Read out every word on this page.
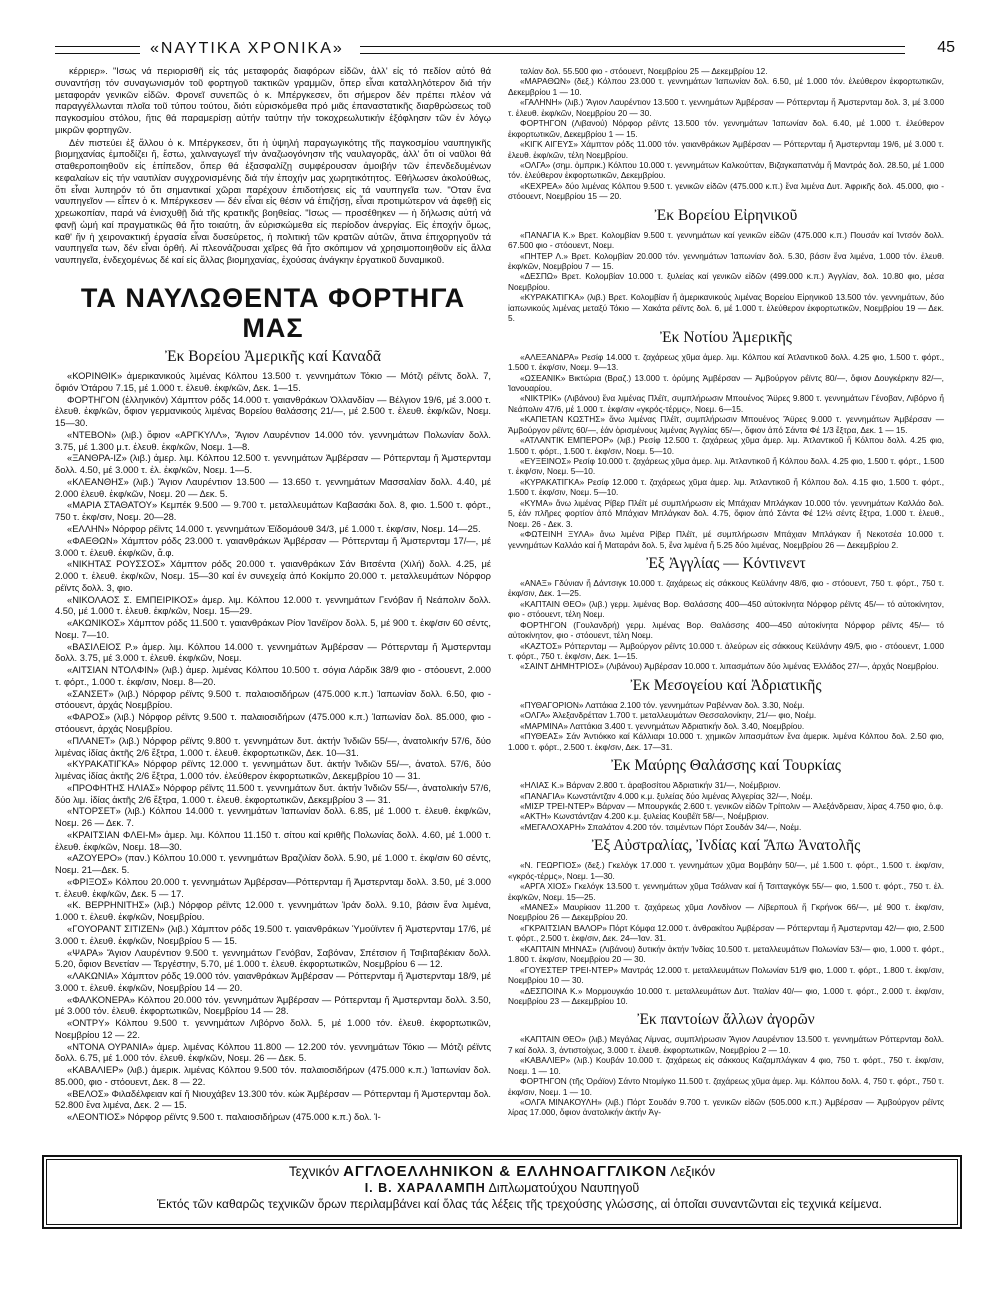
«ΝΑΥΤΙΚΑ ΧΡΟΝΙΚΑ»	45

κέρριερ». "Ισως νά περιορισθῆ εἰς τάς μεταφοράς διαφόρων εἰδῶν, ἀλλ' εἰς τό πεδίον αὐτό θά συναντήσῃ τόν συναγωνισμόν τοῦ φορτηγοῦ τακτικῶν γραμμῶν, ὅπερ εἶναι καταλληλότερον διά τήν μεταφοράν γενικῶν εἰδῶν. Φρονεῖ συνεπῶς ὁ κ. Μπέργκεσεν, ὅτι σήμερον δέν πρέπει πλέον νά παραγγέλλωνται πλοῖα τοῦ τύπου τούτου, διότι εὑρισκόμεθα πρό μιᾶς ἐπαναστατικῆς διαρθρώσεως τοῦ παγκοσμίου στόλου, ἥτις θά παραμερίσῃ αὐτήν ταύτην τήν τοκοχρεωλυτικήν ἐξόφλησιν τῶν ἐν λόγῳ μικρῶν φορτηγῶν.

Δέν πιστεύει ἐξ ἄλλου ὁ κ. Μπέργκεσεν, ὅτι ἡ ὑψηλή παραγωγικότης τῆς παγκοσμίου ναυπηγικῆς βιομηχανίας ἐμποδίζει ἤ, ἔστω, χαλιναγωγεῖ τήν ἀναζωογόνησιν τῆς ναυλαγορᾶς, ἀλλ' ὅτι οἱ ναῦλοι θά σταθεροποιηθοῦν εἰς ἐπίπεδον, ὅπερ θά ἐξασφαλίζῃ συμφέρουσαν ἀμοιβήν τῶν ἐπενδεδυμένων κεφαλαίων εἰς τήν ναυτιλίαν συγχρονισμένης διά τήν ἐποχήν μας χωρητικότητος. Ἐθήλωσεν ἀκολούθως, ὅτι εἶναι λυπηρόν τό ὅτι σημαντικαί χῶραι παρέχουν ἐπιδοτήσεις εἰς τά ναυπηγεῖα των. "Οταν ἕνα ναυπηγεῖον — εἶπεν ὁ κ. Μπέργκεσεν — δέν εἶναι εἰς θέσιν νά ἐπιζήσῃ, εἶναι προτιμώτερον νά ἀφεθῇ εἰς χρεωκοπίαν, παρά νά ἐνισχυθῇ διά τῆς κρατικῆς βοηθείας. "Ισως — προσέθηκεν — ἡ δήλωσις αὐτή νά φανῇ ὠμή καί πραγματικῶς θά ἦτο τοιαύτη, ἄν εὑρισκώμεθα εἰς περίοδον ἀνεργίας. Εἰς ἐποχήν ὅμως, καθ' ἥν ἡ χειρονακτική ἐργασία εἶναι δυσεύρετος, ἡ πολιτική τῶν κρατῶν αὐτῶν, ἅτινα ἐπιχορηγοῦν τά ναυπηγεῖα των, δέν εἶναι ὀρθή. Αἱ πλεονάζουσαι χεῖρες θά ἦτο σκόπιμον νά χρησιμοποιηθοῦν εἰς ἄλλα ναυπηγεῖα, ἐνδεχομένως δέ καί εἰς ἄλλας βιομηχανίας, ἐχούσας ἀνάγκην ἐργατικοῦ δυναμικοῦ.

ΤΑ ΝΑΥΛΩΘΕΝΤΑ ΦΟΡΤΗΓΑ ΜΑΣ
Ἐκ Βορείου Ἀμερικῆς καί Καναδᾶ

«ΚΟΡΙΝΘΙΚ» ἀμερικανικούς λιμένας Κόλπου 13.500 τ. γεννημάτων Τόκιο — Μότζι ρέϊντς δολλ. 7, ὄφιόν Ὀτάρου 7.15, μέ 1.000 τ. ἐλευθ. ἐκφ/κῶν, Δεκ. 1—15.

ΦΟΡΤΗΓΟΝ (ἑλληνικόν) Χάμπτον ρόδς 14.000 τ. γαιανθράκων Ὀλλανδίαν — Βέλγιον 19/6, μέ 3.000 τ. ἐλευθ. ἐκφ/κῶν, ὄφιον γερμανικούς λιμένας Βορείου θαλάσσης 21/—, μέ 2.500 τ. ἐλευθ. ἐκφ/κῶν, Νοεμ. 15—30.

«ΝΤΕΒΟΝ» (λιβ.) ὄφιον «ΑΡΓΚΥΛΛ», Ἄγιον Λαυρέντιον 14.000 τόν. γεννημάτων Πολωνίαν δολλ. 3.75, μέ 1.300 μ.τ. ἐλευθ. ἐκφ/κῶν, Νοεμ. 1—8.

«ΞΑΝΘΡΑ-ΙΖ» (λιβ.) ἀμερ. λιμ. Κόλπου 12.500 τ. γεννημάτων Ἀμβέρσαν — Ρόττερνταμ ἤ Ἀμστερνταμ δολλ. 4.50, μέ 3.000 τ. ἐλ. ἐκφ/κῶν, Νοεμ. 1—5.

«ΚΛΕΑΝΘΗΣ» (λιβ.) Ἄγιον Λαυρέντιον 13.500 — 13.650 τ. γεννημάτων Μασσαλίαν δολλ. 4.40, μέ 2.000 ἐλευθ. ἐκφ/κῶν, Νοεμ. 20 — Δεκ. 5.

«ΜΑΡΙΑ ΣΤΑΘΑΤΟΥ» Κεμπέκ 9.500 — 9.700 τ. μεταλλευμάτων Καβασάκι δολ. 8, φιο. 1.500 τ. φόρτ., 750 τ. ἐκφ/σιν, Νοεμ. 20—28.

«ΕΛΛΗΝ» Νόρφορ ρέϊντς 14.000 τ. γεννημάτων Ἐϊδομάουθ 34/3, μέ 1.000 τ. ἐκφ/σιν, Νοεμ. 14—25.

«ΦΑΕΘΩΝ» Χάμπτον ρόδς 23.000 τ. γαιανθράκων Ἀμβέρσαν — Ρόττερνταμ ἤ Ἀμστερνταμ 17/—, μέ 3.000 τ. ἐλευθ. ἐκφ/κῶν, ἄ.φ.

«ΝΙΚΗΤΑΣ ΡΟΥΣΣΟΣ» Χάμπτον ρόδς 20.000 τ. γαιανθράκων Σάν Βιτσέντα (Χιλή) δολλ. 4.25, μέ 2.000 τ. ἐλευθ. ἐκφ/κῶν, Νοεμ. 15—30 καί ἐν συνεχείᾳ ἀπό Κοκίμπο 20.000 τ. μεταλλευμάτων Νόρφορ ρέϊντς δολλ. 3, φιο.

«ΝΙΚΟΛΑΟΣ Σ. ΕΜΠΕΙΡΙΚΟΣ» ἀμερ. λιμ. Κόλπου 12.000 τ. γεννημάτων Γενόβαν ἤ Νεάπολιν δολλ. 4.50, μέ 1.000 τ. ἐλευθ. ἐκφ/κῶν, Νοεμ. 15—29.

«ΑΚΩΝΙΚΟΣ» Χάμπτον ρόδς 11.500 τ. γαιανθράκων Ρίον Ἰανέϊρον δολλ. 5, μέ 900 τ. ἐκφ/σιν 60 σέντς, Νοεμ. 7—10.

«ΒΑΣΙΛΕΙΟΣ Ρ.» ἀμερ. λιμ. Κόλπου 14.000 τ. γεννημάτων Ἀμβέρσαν — Ρόττερνταμ ἤ Ἀμστερνταμ δολλ. 3.75, μέ 3.000 τ. ἐλευθ. ἐκφ/κῶν, Νοεμ.

«ΑΙΤΣΙΑΝ ΝΤΟΛΦΙΝ» (λιβ.) ἀμερ. λιμένας Κόλπου 10.500 τ. σόγια Λάρδικ 38/9 φιο - στόουεντ, 2.000 τ. φόρτ., 1.000 τ. ἐκφ/σιν, Νοεμ. 8—20.

«ΣΑΝΣΕΤ» (λιβ.) Νόρφορ ρέϊντς 9.500 τ. παλαιοσιδήρων (475.000 κ.π.) Ἰαπωνίαν δολλ. 6.50, φιο - στόουεντ, ἀρχάς Νοεμβρίου.

«ΦΑΡΟΣ» (λιβ.) Νόρφορ ρέϊντς 9.500 τ. παλαιοσιδήρων (475.000 κ.π.) Ἰαπωνίαν δολ. 85.000, φιο - στόουεντ, ἀρχάς Νοεμβρίου.

«ΠΛΑΝΕΤ» (λιβ.) Νόρφορ ρέϊντς 9.800 τ. γεννημάτων δυτ. ἀκτήν Ἰνδιῶν 55/—, ἀνατολικήν 57/6, δύο λιμένας ἰδίας ἀκτῆς 2/6 ἔξτρα, 1.000 τ. ἐλευθ. ἐκφορτωτικῶν, Δεκ. 10—31.

«ΚΥΡΑΚΑΤΙΓΚΑ» Νόρφορ ρέϊντς 12.000 τ. γεννημάτων δυτ. ἀκτήν Ἰνδιῶν 55/—, ἀνατολ. 57/6, δύο λιμένας ἰδίας ἀκτῆς 2/6 ἔξτρα, 1.000 τόν. ἐλεύθερον ἐκφορτωτικῶν, Δεκεμβρίου 10 — 31.

«ΠΡΟΦΗΤΗΣ ΗΛΙΑΣ» Νόρφορ ρέϊντς 11.500 τ. γεννημάτων δυτ. ἀκτήν Ἰνδιῶν 55/—, ἀνατολικήν 57/6, δύο λιμ. ἰδίας ἀκτῆς 2/6 ἔξτρα, 1.000 τ. ἐλευθ. ἐκφορτωτικῶν, Δεκεμβρίου 3 — 31.

«ΝΤΟΡΣΕΤ» (λιβ.) Κόλπου 14.000 τ. γεννημάτων Ἰαπωνίαν δολλ. 6.85, μέ 1.000 τ. ἐλευθ. ἐκφ/κῶν, Νοεμ. 26 — Δεκ. 7.

«ΚΡΑΙΤΣΙΑΝ ΦΛΕΙ-Μ» ἀμερ. λιμ. Κόλπου 11.150 τ. σίτου καί κριθῆς Πολωνίας δολλ. 4.60, μέ 1.000 τ. ἐλευθ. ἐκφ/κῶν, Νοεμ. 18—30.

«ΑΖΟΥΕΡΟ» (παν.) Κόλπου 10.000 τ. γεννημάτων Βραζιλίαν δολλ. 5.90, μέ 1.000 τ. ἐκφ/σιν 60 σέντς, Νοεμ. 21—Δεκ. 5.

«ΦΡΙΞΟΣ» Κόλπου 20.000 τ. γεννημάτων Ἀμβέρσαν—Ρόττερνταμ ἤ Ἀμστερνταμ δολλ. 3.50, μέ 3.000 τ. ἐλευθ. ἐκφ/κῶν, Δεκ. 5 — 17.

«Κ. ΒΕΡΡΗΝΙΤΗΣ» (λιβ.) Νόρφορ ρέϊντς 12.000 τ. γεννημάτων Ἰράν δολλ. 9.10, βάσιν ἕνα λιμένα, 1.000 τ. ἐλευθ. ἐκφ/κῶν, Νοεμβρίου.

«ΓΟΥΟΡΑΝΤ ΣΙΤΙΖΕΝ» (λιβ.) Χάμπτον ρόδς 19.500 τ. γαιανθράκων Ὑμούϊντεν ἤ Ἀμστερνταμ 17/6, μέ 3.000 τ. ἐλευθ. ἐκφ/κῶν, Νοεμβρίου 5 — 15.

«ΨΑΡΑ» Ἄγιον Λαυρέντιον 9.500 τ. γεννημάτων Γενόβαν, Σαβόναν, Σπέτσιον ἤ Τσιβιταβέκιαν δολλ. 5.20, ὄφιον Βενετίαν — Τεργέστην, 5.70, μέ 1.000 τ. ἐλευθ. ἐκφορτωτικῶν, Νοεμβρίου 6 — 12.

«ΛΑΚΩΝΙΑ» Χάμπτον ρόδς 19.000 τόν. γαιανθράκων Ἀμβέρσαν — Ρόττερνταμ ἤ Ἀμστερνταμ 18/9, μέ 3.000 τ. ἐλευθ. ἐκφ/κῶν, Νοεμβρίου 14 — 20.

«ΦΑΛΚΟΝΕΡΑ» Κόλπου 20.000 τόν. γεννημάτων Ἀμβέρσαν — Ρόττερνταμ ἤ Ἀμστερνταμ δολλ. 3.50, μέ 3.000 τόν. ἐλευθ. ἐκφορτωτικῶν, Νοεμβρίου 14 — 28.

«ΟΝΤΡΥ» Κόλπου 9.500 τ. γεννημάτων Λιβόρνο δολλ. 5, μέ 1.000 τόν. ἐλευθ. ἐκφορτωτικῶν, Νοεμβρίου 12 — 22.

«ΝΤΟΝΑ ΟΥΡΑΝΙΑ» ἀμερ. λιμένας Κόλπου 11.800 — 12.200 τόν. γεννημάτων Τόκιο — Μότζι ρέϊντς δολλ. 6.75, μέ 1.000 τόν. ἐλευθ. ἐκφ/κῶν, Νοεμ. 26 — Δεκ. 5.

«ΚΑΒΑΛΙΕΡ» (λιβ.) ἀμερικ. λιμένας Κόλπου 9.500 τόν. παλαιοσιδήρων (475.000 κ.π.) Ἰαπωνίαν δολ. 85.000, φιο - στόουεντ, Δεκ. 8 — 22.

«ΒΕΛΟΣ» Φιλαδέλφειαν καί ἤ Νιουχάβεν 13.300 τόν. κώκ Ἀμβέρσαν — Ρόττερνταμ ἤ Ἀμστερνταμ δολ. 52.800 ἕνα λιμένα, Δεκ. 2 — 15.

«ΛΕΟΝΤΙΟΣ» Νόρφορ ρέϊντς 9.500 τ. παλαιοσιδήρων (475.000 κ.π.) δολ. Ἰ-

ταλίαν δολ. 55.500 φιο - στόουεντ, Νοεμβρίου 25 — Δεκεμβρίου 12.

«ΜΑΡΑΘΩΝ» (δεξ.) Κόλπου 23.000 τ. γεννημάτων Ἰαπωνίαν δολ. 6.50, μέ 1.000 τόν. ἐλεύθερον ἐκφορτωτικῶν, Δεκεμβρίου 1 — 10.

«ΓΑΛΗΝΗ» (λιβ.) Ἄγιον Λαυρέντιον 13.500 τ. γεννημάτων Ἀμβέρσαν — Ρόττερνταμ ἤ Ἀμστερνταμ δολ. 3, μέ 3.000 τ. ἐλευθ. ἐκφ/κῶν, Νοεμβρίου 20 — 30.

ΦΟΡΤΗΓΟΝ (Λιβανού) Νόρφορ ρέϊντς 13.500 τόν. γεννημάτων Ἰαπωνίαν δολ. 6.40, μέ 1.000 τ. ἐλεύθερον ἐκφορτωτικῶν, Δεκεμβρίου 1 — 15.

«ΚΙΓΚ ΑΙΓΕΥΣ» Χάμπτον ρόδς 11.000 τόν. γαιανθράκων Ἀμβέρσαν — Ρόττερνταμ ἤ Ἀμστερνταμ 19/6, μέ 3.000 τ. ἐλευθ. ἐκφ/κῶν, τέλη Νοεμβρίου.

«ΟΛΓΑ» (σημ. ὀμπρικ.) Κόλπου 10.000 τ. γεννημάτων Καλκούτταν, Βιζαγκαπατνάμ ἤ Μαντράς δολ. 28.50, μέ 1.000 τόν. ἐλεύθερον ἐκφορτωτικῶν, Δεκεμβρίου.

«ΚΕΧΡΕΑ» δύο λιμένας Κόλπου 9.500 τ. γενικῶν εἰδῶν (475.000 κ.π.) ἕνα λιμένα Δυτ. Ἀφρικῆς δολ. 45.000, φιο - στόουεντ, Νοεμβρίου 15 — 20.

Ἐκ Βορείου Εἰρηνικοῦ

«ΠΑΝΑΓΙΑ Κ.» Βρετ. Κολομβίαν 9.500 τ. γεννημάτων καί γενικῶν εἰδῶν (475.000 κ.π.) Πουσάν καί Ἰντσόν δολλ. 67.500 φιο - στόουεντ, Νοεμ.

«ΠΗΤΕΡ Λ.» Βρετ. Κολομβίαν 20.000 τόν. γεννημάτων Ἰαπωνίαν δολ. 5.30, βάσιν ἕνα λιμένα, 1.000 τόν. ἐλευθ. ἐκφ/κῶν, Νοεμβρίου 7 — 15.

«ΔΕΣΠΩ» Βρετ. Κολομβίαν 10.000 τ. ξυλείας καί γενικῶν εἰδῶν (499.000 κ.π.) Ἀγγλίαν, δολ. 10.80 φιο, μέσα Νοεμβρίου.

«ΚΥΡΑΚΑΤΙΓΚΑ» (λιβ.) Βρετ. Κολομβίαν ἤ ἀμερικανικούς λιμένας Βορείου Εἰρηνικοῦ 13.500 τόν. γεννημάτων, δύο ἰαπωνικούς λιμένας μεταξύ Τόκιο — Χακάτα ρέϊντς δολ. 6, μέ 1.000 τ. ἐλεύθερον ἐκφορτωτικῶν, Νοεμβρίου 19 — Δεκ. 5.

Ἐκ Νοτίου Ἀμερικῆς

«ΑΛΕΞΑΝΔΡΑ» Ρεσίφ 14.000 τ. ζαχάρεως χῦμα ἀμερ. λιμ. Κόλπου καί Ἀτλαντικοῦ δολλ. 4.25 φιο, 1.500 τ. φόρτ., 1.500 τ. ἐκφ/σιν, Νοεμ. 9—13.

«ΩΣΕΑΝΙΚ» Βικτώρια (Βραζ.) 13.000 τ. ὁρύμης Ἀμβέρσαν — Ἀμβούργον ρέϊντς 80/—, ὄφιον Δουγκέρκην 82/—, Ἰανουαρίου.

«ΝΙΚΤΡΙΚ» (Λιβάνου) ἕνα λιμένας Πλέϊτ, συμπλήρωσιν Μπουένος Ἄϋρες 9.800 τ. γεννημάτων Γένοβαν, Λιβόρνο ἤ Νεάπολιν 47/6, μέ 1.000 τ. ἐκφ/σιν «γκρός-τέρμς», Νοεμ. 6—15.

«ΚΑΠΕΤΑΝ ΚΩΣΤΗΣ» ἄνω λιμένας Πλέϊτ, συμπλήρωσιν Μπουένος Ἄϋρες 9.000 τ. γεννημάτων Ἀμβέρσαν — Ἀμβούργον ρέϊντς 60/—, ἐάν ὁρισμένους λιμένας Ἀγγλίας 65/—, ὄφιον ἀπό Σάντα Φέ 1/3 ἔξτρα, Δεκ. 1 — 15.

«ΑΤΛΑΝΤΙΚ ΕΜΠΕΡΟΡ» (λιβ.) Ρεσίφ 12.500 τ. ζαχάρεως χῦμα ἀμερ. λιμ. Ἀτλαντικοῦ ἤ Κόλπου δολλ. 4.25 φιο, 1.500 τ. φόρτ., 1.500 τ. ἐκφ/σιν, Νοεμ. 5—10.

«ΕΥΞΕΙΝΟΣ» Ρεσίφ 10.000 τ. ζαχάρεως χῦμα ἀμερ. λιμ. Ἀτλαντικοῦ ἤ Κόλπου δολλ. 4.25 φιο, 1.500 τ. φόρτ., 1.500 τ. ἐκφ/σιν, Νοεμ. 5—10.

«ΚΥΡΑΚΑΤΙΓΚΑ» Ρεσίφ 12.000 τ. ζαχάρεως χῦμα ἀμερ. λιμ. Ἀτλαντικοῦ ἤ Κόλπου δολ. 4.15 φιο, 1.500 τ. φόρτ., 1.500 τ. ἐκφ/σιν, Νοεμ. 5—10.

«ΚΥΜΑ» ἄνω λιμένας Ρίβερ Πλέϊτ μέ συμπλήρωσιν εἰς Μπάχιαν Μπλάγκαν 10.000 τόν. γεννημάτων Καλλάο δολ. 5, ἐάν πλῆρες φορτίον ἀπό Μπάχιαν Μπλάγκαν δολ. 4.75, ὄφιον ἀπό Σάντα Φέ 12½ σέντς ἔξτρα, 1.000 τ. ἐλευθ., Νοεμ. 26 - Δεκ. 3.

«ΦΩΤΕΙΝΗ ΞΥΛΑ» ἄνω λιμένα Ρίβερ Πλέϊτ, μέ συμπλήρωσιν Μπάχιαν Μπλάγκαν ἤ Νεκοτσέα 10.000 τ. γεννημάτων Καλλάο καί ἤ Ματαράνι δολ. 5, ἕνα λιμένα ἤ 5.25 δύο λιμένας, Νοεμβρίου 26 — Δεκεμβρίου 2.

Ἐξ Ἀγγλίας — Κόντινεντ

«ΑΝΑΞ» Γδύνιαν ἤ Δάντσιγκ 10.000 τ. ζαχάρεως εἰς σάκκους Κεϋλάνην 48/6, φιο - στόουεντ, 750 τ. φόρτ., 750 τ. ἐκφ/σιν, Δεκ. 1—25.

«ΚΑΠΤΑΙΝ ΘΕΟ» (λιβ.) γερμ. λιμένας Βορ. Θαλάσσης 400—450 αὐτοκίνητα Νόρφορ ρέϊντς 45/— τό αὐτοκίνητον, φιο - στόουεντ, τέλη Νοεμ.

ΦΟΡΤΗΓΟΝ (Γουλανδρή) γερμ. λιμένας Βορ. Θαλάσσης 400—450 αὐτοκίνητα Νόρφορ ρέϊντς 45/— τό αὐτοκίνητον, φιο - στόουεντ, τέλη Νοεμ.

«ΚΑΖΤΟΣ» Ρόττερνταμ — Ἀμβούργον ρέϊντς 10.000 τ. ἀλεύρων εἰς σάκκους Κεϋλάνην 49/5, φιο - στόουεντ, 1.000 τ. φόρτ., 750 τ. ἐκφ/σιν, Δεκ. 1—15.

«ΣΑΙΝΤ ΔΗΜΗΤΡΙΟΣ» (Λιβάνου) Ἀμβέρσαν 10.000 τ. λιπασμάτων δύο λιμένας Ἑλλάδος 27/—, ἀρχάς Νοεμβρίου.

Ἐκ Μεσογείου καί Ἀδριατικῆς

«ΠΥΘΑΓΟΡΙΟΝ» Λαττάκια 2.100 τόν. γεννημάτων Ραβένναν δολ. 3.30, Νοέμ.

«ΟΛΓΑ» Ἀλεξανδρέτταν 1.700 τ. μεταλλευμάτων Θεσσαλονίκην, 21/— φιο, Νοέμ.

«ΜΑΡΜΙΝΑ» Λαττάκια 3.400 τ. γεννημάτων Ἀδριατικήν δολ. 3.40, Νοεμβρίου.

«ΠΥΘΕΑΣ» Σάν Ἀντιόκκο καί Κάλλιαρι 10.000 τ. χημικῶν λιπασμάτων ἕνα ἀμερικ. λιμένα Κόλπου δολ. 2.50 φιο, 1.000 τ. φόρτ., 2.500 τ. ἐκφ/σιν, Δεκ. 17—31.

Ἐκ Μαύρης Θαλάσσης καί Τουρκίας

«ΗΛΙΑΣ Κ.» Βάρναν 2.800 τ. ἀραβοσίτου Ἀδριατικήν 31/—, Νοέμβριον.

«ΠΑΝΑΓΙΑ» Κωνστάντζαν 4.000 κ.μ. ξυλείας δύο λιμένας Ἀλγερίας 32/—, Νοέμ.

«ΜΙΣΡ ΤΡΕΙ-ΝΤΕΡ» Βάρναν — Μπουργκάς 2.600 τ. γενικῶν εἰδῶν Τρίπολιν — Ἀλεξάνδρειαν, λίρας 4.750 φιο, ὁ.φ.

«ΑΚΤΗ» Κωνστάντζαν 4.200 κ.μ. ξυλείας Κουβέϊτ 58/—, Νοέμβριον.

«ΜΕΓΑΛΟΧΑΡΗ» Σπαλάτον 4.200 τόν. τσιμέντων Πόρτ Σουδάν 34/—, Νοέμ.

Ἐξ Αὐστραλίας, Ἰνδίας καί Ἄπω Ἀνατολῆς

«Ν. ΓΕΩΡΓΙΟΣ» (δεξ.) Γκελόγκ 17.000 τ. γεννημάτων χῦμα Βομβάην 50/—, μέ 1.500 τ. φόρτ., 1.500 τ. ἐκφ/σιν, «γκρός-τέρμς», Νοεμ. 1—30.

«ΑΡΓΑ ΧΙΟΣ» Γκελόγκ 13.500 τ. γεννημάτων χῦμα Τσάλναν καί ἤ Τσιτταγκόγκ 55/— φιο, 1.500 τ. φόρτ., 750 τ. ἐλ. ἐκφ/κῶν, Νοεμ. 15—25.

«ΜΑΝΕΣ» Μαυρίκιον 11.200 τ. ζαχάρεως χῦμα Λονδίνον — Λίβερπουλ ἤ Γκρήνοκ 66/—, μέ 900 τ. ἐκφ/σιν, Νοεμβρίου 26 — Δεκεμβρίου 20.

«ΓΚΡΑΙΤΣΙΑΝ ΒΑΛΟΡ» Πόρτ Κόμφα 12.000 τ. ἀνθρακίτου Ἀμβέρσαν — Ρόττερνταμ ἤ Ἀμστερνταμ 42/— φιο, 2.500 τ. φόρτ., 2.500 τ. ἐκφ/σιν, Δεκ. 24—Ἰαν. 31.

«ΚΑΠΤΑΙΝ ΜΗΝΑΣ» (Λιβάνου) δυτικήν ἀκτήν Ἰνδίας 10.500 τ. μεταλλευμάτων Πολωνίαν 53/— φιο, 1.000 τ. φόρτ., 1.800 τ. ἐκφ/σιν, Νοεμβρίου 20 — 30.

«ΓΟΥΕΣΤΕΡ ΤΡΕΙ-ΝΤΕΡ» Μαντράς 12.000 τ. μεταλλευμάτων Πολωνίαν 51/9 φιο, 1.000 τ. φόρτ., 1.800 τ. ἐκφ/σιν, Νοεμβρίου 10 — 30.

«ΔΕΣΠΟΙΝΑ Κ.» Μορμουγκάο 10.000 τ. μεταλλευμάτων Δυτ. Ἰταλίαν 40/— φιο, 1.000 τ. φόρτ., 2.000 τ. ἐκφ/σιν, Νοεμβρίου 23 — Δεκεμβρίου 10.

Ἐκ παντοίων ἄλλων ἀγορῶν

«ΚΑΠΤΑΙΝ ΘΕΟ» (λιβ.) Μεγάλας Λίμνας, συμπλήρωσιν Ἄγιον Λαυρέντιον 13.500 τ. γεννημάτων Ρόττερνταμ δολλ. 7 καί δολλ. 3, ἀντιστοίχως, 3.000 τ. ἐλευθ. ἐκφορτωτικῶν, Νοεμβρίου 2 — 10.

«ΚΑΒΑΛΙΕΡ» (λιβ.) Κουβάν 10.000 τ. ζαχάρεως εἰς σάκκους Καζαμπλάγκαν 4 φιο, 750 τ. φόρτ., 750 τ. ἐκφ/σιν, Νοεμ. 1 — 10.

ΦΟΡΤΗΓΟΝ (τῆς Ὀράϊον) Σάντο Ντομίγκο 11.500 τ. ζαχάρεως χῦμα ἀμερ. λιμ. Κόλπου δολλ. 4, 750 τ. φόρτ., 750 τ. ἐκφ/σιν, Νοεμ. 1 — 10.

«ΟΛΓΑ ΜΙΝΑΚΟΥΛΗ» (λιβ.) Πόρτ Σουδάν 9.700 τ. γενικῶν εἰδῶν (505.000 κ.π.) Ἀμβέρσαν — Ἀμβούργον ρέϊντς λίρας 17.000, ὄφιον ἀνατολικήν ἀκτήν Ἀγ-

Τεχνικόν ΑΓΓΛΟΕΛΛΗΝΙΚΟΝ & ΕΛΛΗΝΟΑΓΓΛΙΚΟΝ Λεξικόν
Ι. Β. ΧΑΡΑΛΑΜΠΗ Διπλωματούχου Ναυπηγοῦ
Ἐκτός τῶν καθαρῶς τεχνικῶν ὅρων περιλαμβάνει καί ὅλας τάς λέξεις τῆς τρεχούσης γλώσσης, αἱ ὁποῖαι συναντῶνται εἰς τεχνικά κείμενα.
